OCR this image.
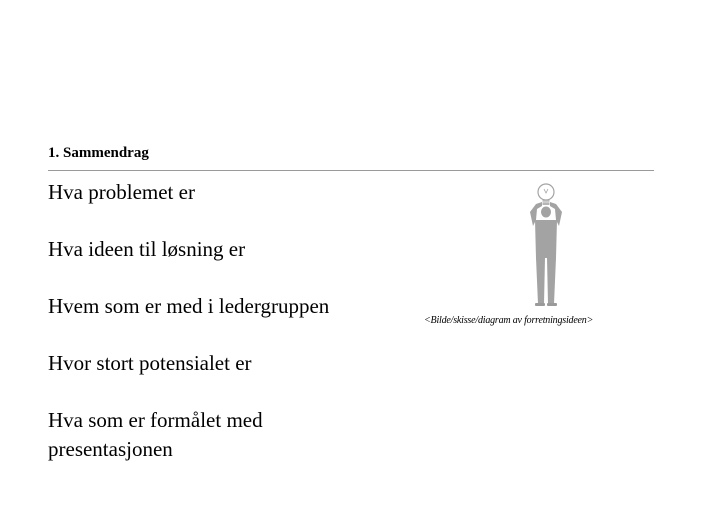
1. Sammendrag
Hva problemet er
Hva ideen til løsning er
Hvem som er med i ledergruppen
Hvor stort potensialet er
Hva som er formålet med presentasjonen
<Bilde/skisse/diagram av forretningsideen>
